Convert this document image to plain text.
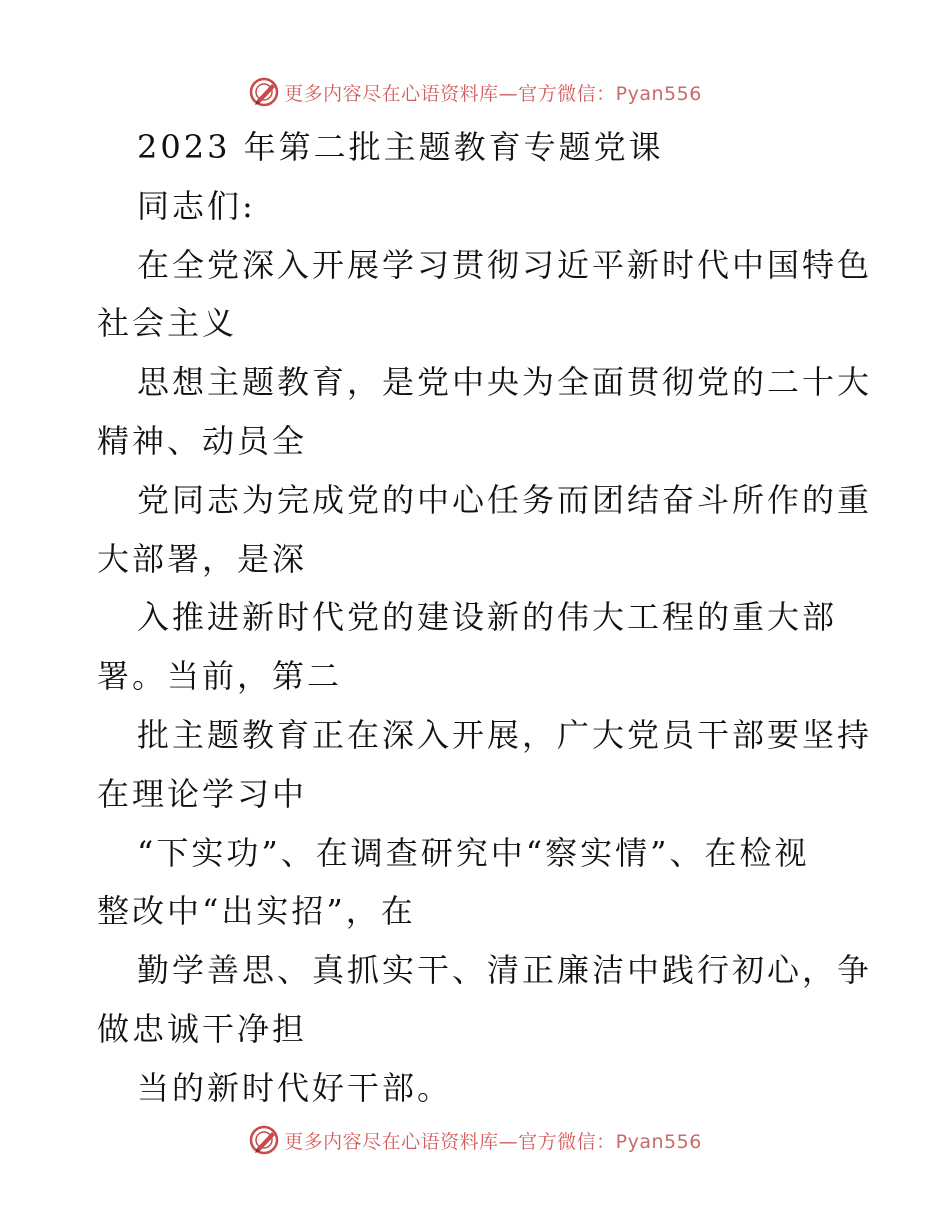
更多内容尽在心语资料库—官方微信：Pyan556
2023 年第二批主题教育专题党课
同志们:
在全党深入开展学习贯彻习近平新时代中国特色
社会主义
思想主题教育，是党中央为全面贯彻党的二十大
精神、动员全
党同志为完成党的中心任务而团结奋斗所作的重
大部署，是深
入推进新时代党的建设新的伟大工程的重大部
署。当前，第二
批主题教育正在深入开展，广大党员干部要坚持
在理论学习中
“下实功”、在调查研究中“察实情”、在检视
整改中“出实招”，在
勤学善思、真抓实干、清正廉洁中践行初心，争
做忠诚干净担
当的新时代好干部。
更多内容尽在心语资料库—官方微信：Pyan556
